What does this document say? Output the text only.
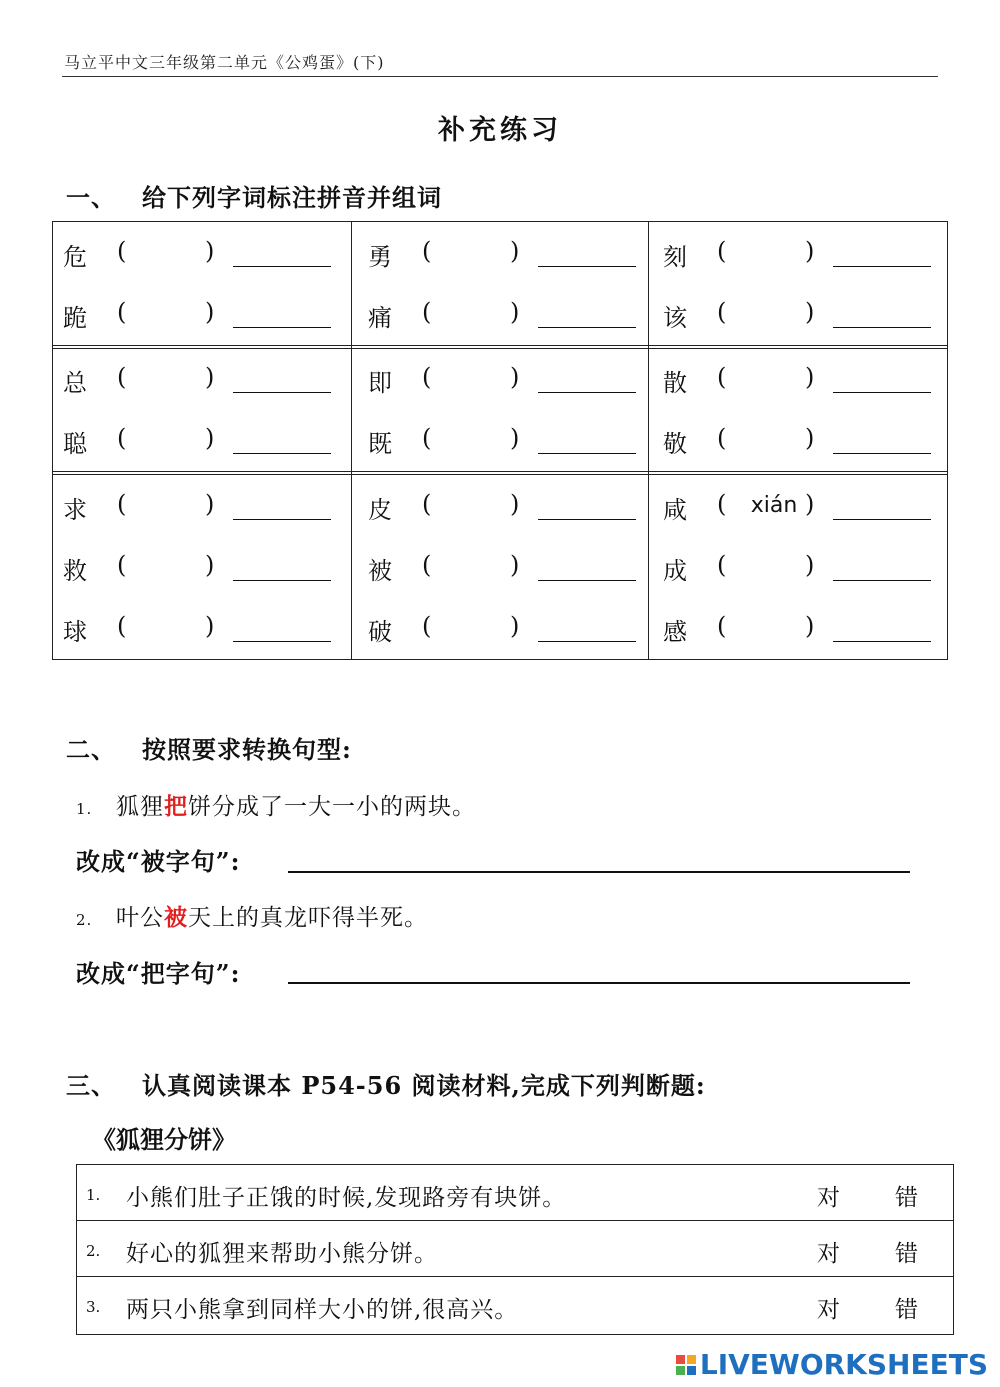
马立平中文三年级第二单元《公鸡蛋》(下)
补充练习
一、 给下列字词标注拼音并组词
危 (	)	勇 (	)	刻 (	)
跪 (	)	痛 (	)	该 (	)
总 (	)	即 (	)	散 (	)
聪 (	)	既 (	)	敬 (	)
求 (	)	皮 (	)	咸 (	xián )
救 (	)	被 (	)	成 (	)
球 (	)	破 (	)	感 (	)
二、 按照要求转换句型:
1. 狐狸把饼分成了一大一小的两块。
改成“被字句”:
2. 叶公被天上的真龙吓得半死。
改成“把字句”:
三、 认真阅读课本 P54-56 阅读材料,完成下列判断题:
《狐狸分饼》
1. 小熊们肚子正饿的时候,发现路旁有块饼。	对 错
2. 好心的狐狸来帮助小熊分饼。	对 错
3. 两只小熊拿到同样大小的饼,很高兴。	对 错
LIVEWORKSHEETS
